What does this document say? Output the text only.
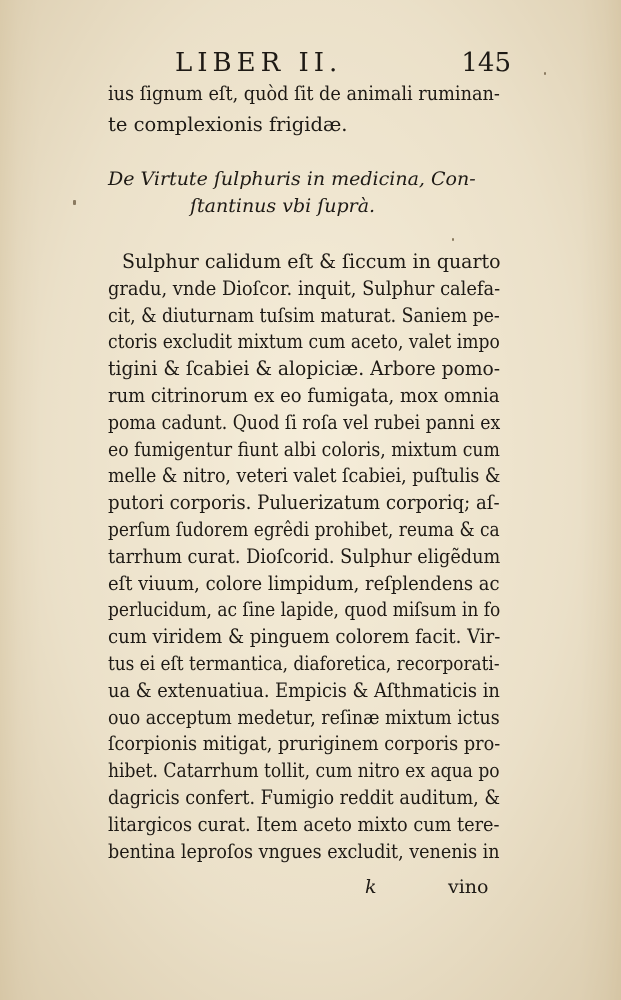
LIBER II.	145
ius ſignum eſt, quòd ſit de animali ruminan-
te complexionis frigidæ.
De Virtute ſulphuris in medicina, Con-
ſtantinus vbi ſuprà.
Sulphur calidum eſt & ſiccum in quarto
gradu, vnde Dioſcor. inquit, Sulphur calefa-
cit, & diuturnam tuſsim maturat. Saniem pe-
ctoris excludit mixtum cum aceto, valet impo
tigini & ſcabiei & alopiciæ. Arbore pomo-
rum citrinorum ex eo fumigata, mox omnia
poma cadunt. Quod ſi roſa vel rubei panni ex
eo fumigentur fiunt albi coloris, mixtum cum
melle & nitro, veteri valet ſcabiei, puſtulis &
putori corporis. Puluerizatum corporiq; aſ-
perſum ſudorem egrêdi prohibet, reuma & ca
tarrhum curat. Dioſcorid. Sulphur eligẽdum
eſt viuum, colore limpidum, reſplendens ac
perlucidum, ac ſine lapide, quod miſsum in fo
cum viridem & pinguem colorem facit. Vir-
tus ei eſt termantica, diaforetica, recorporati-
ua & extenuatiua. Empicis & Aſthmaticis in
ouo acceptum medetur, reſinæ mixtum ictus
ſcorpionis mitigat, pruriginem corporis pro-
hibet. Catarrhum tollit, cum nitro ex aqua po
dagricis confert. Fumigio reddit auditum, &
litargicos curat. Item aceto mixto cum tere-
bentina leproſos vngues excludit, venenis in
k	vino
